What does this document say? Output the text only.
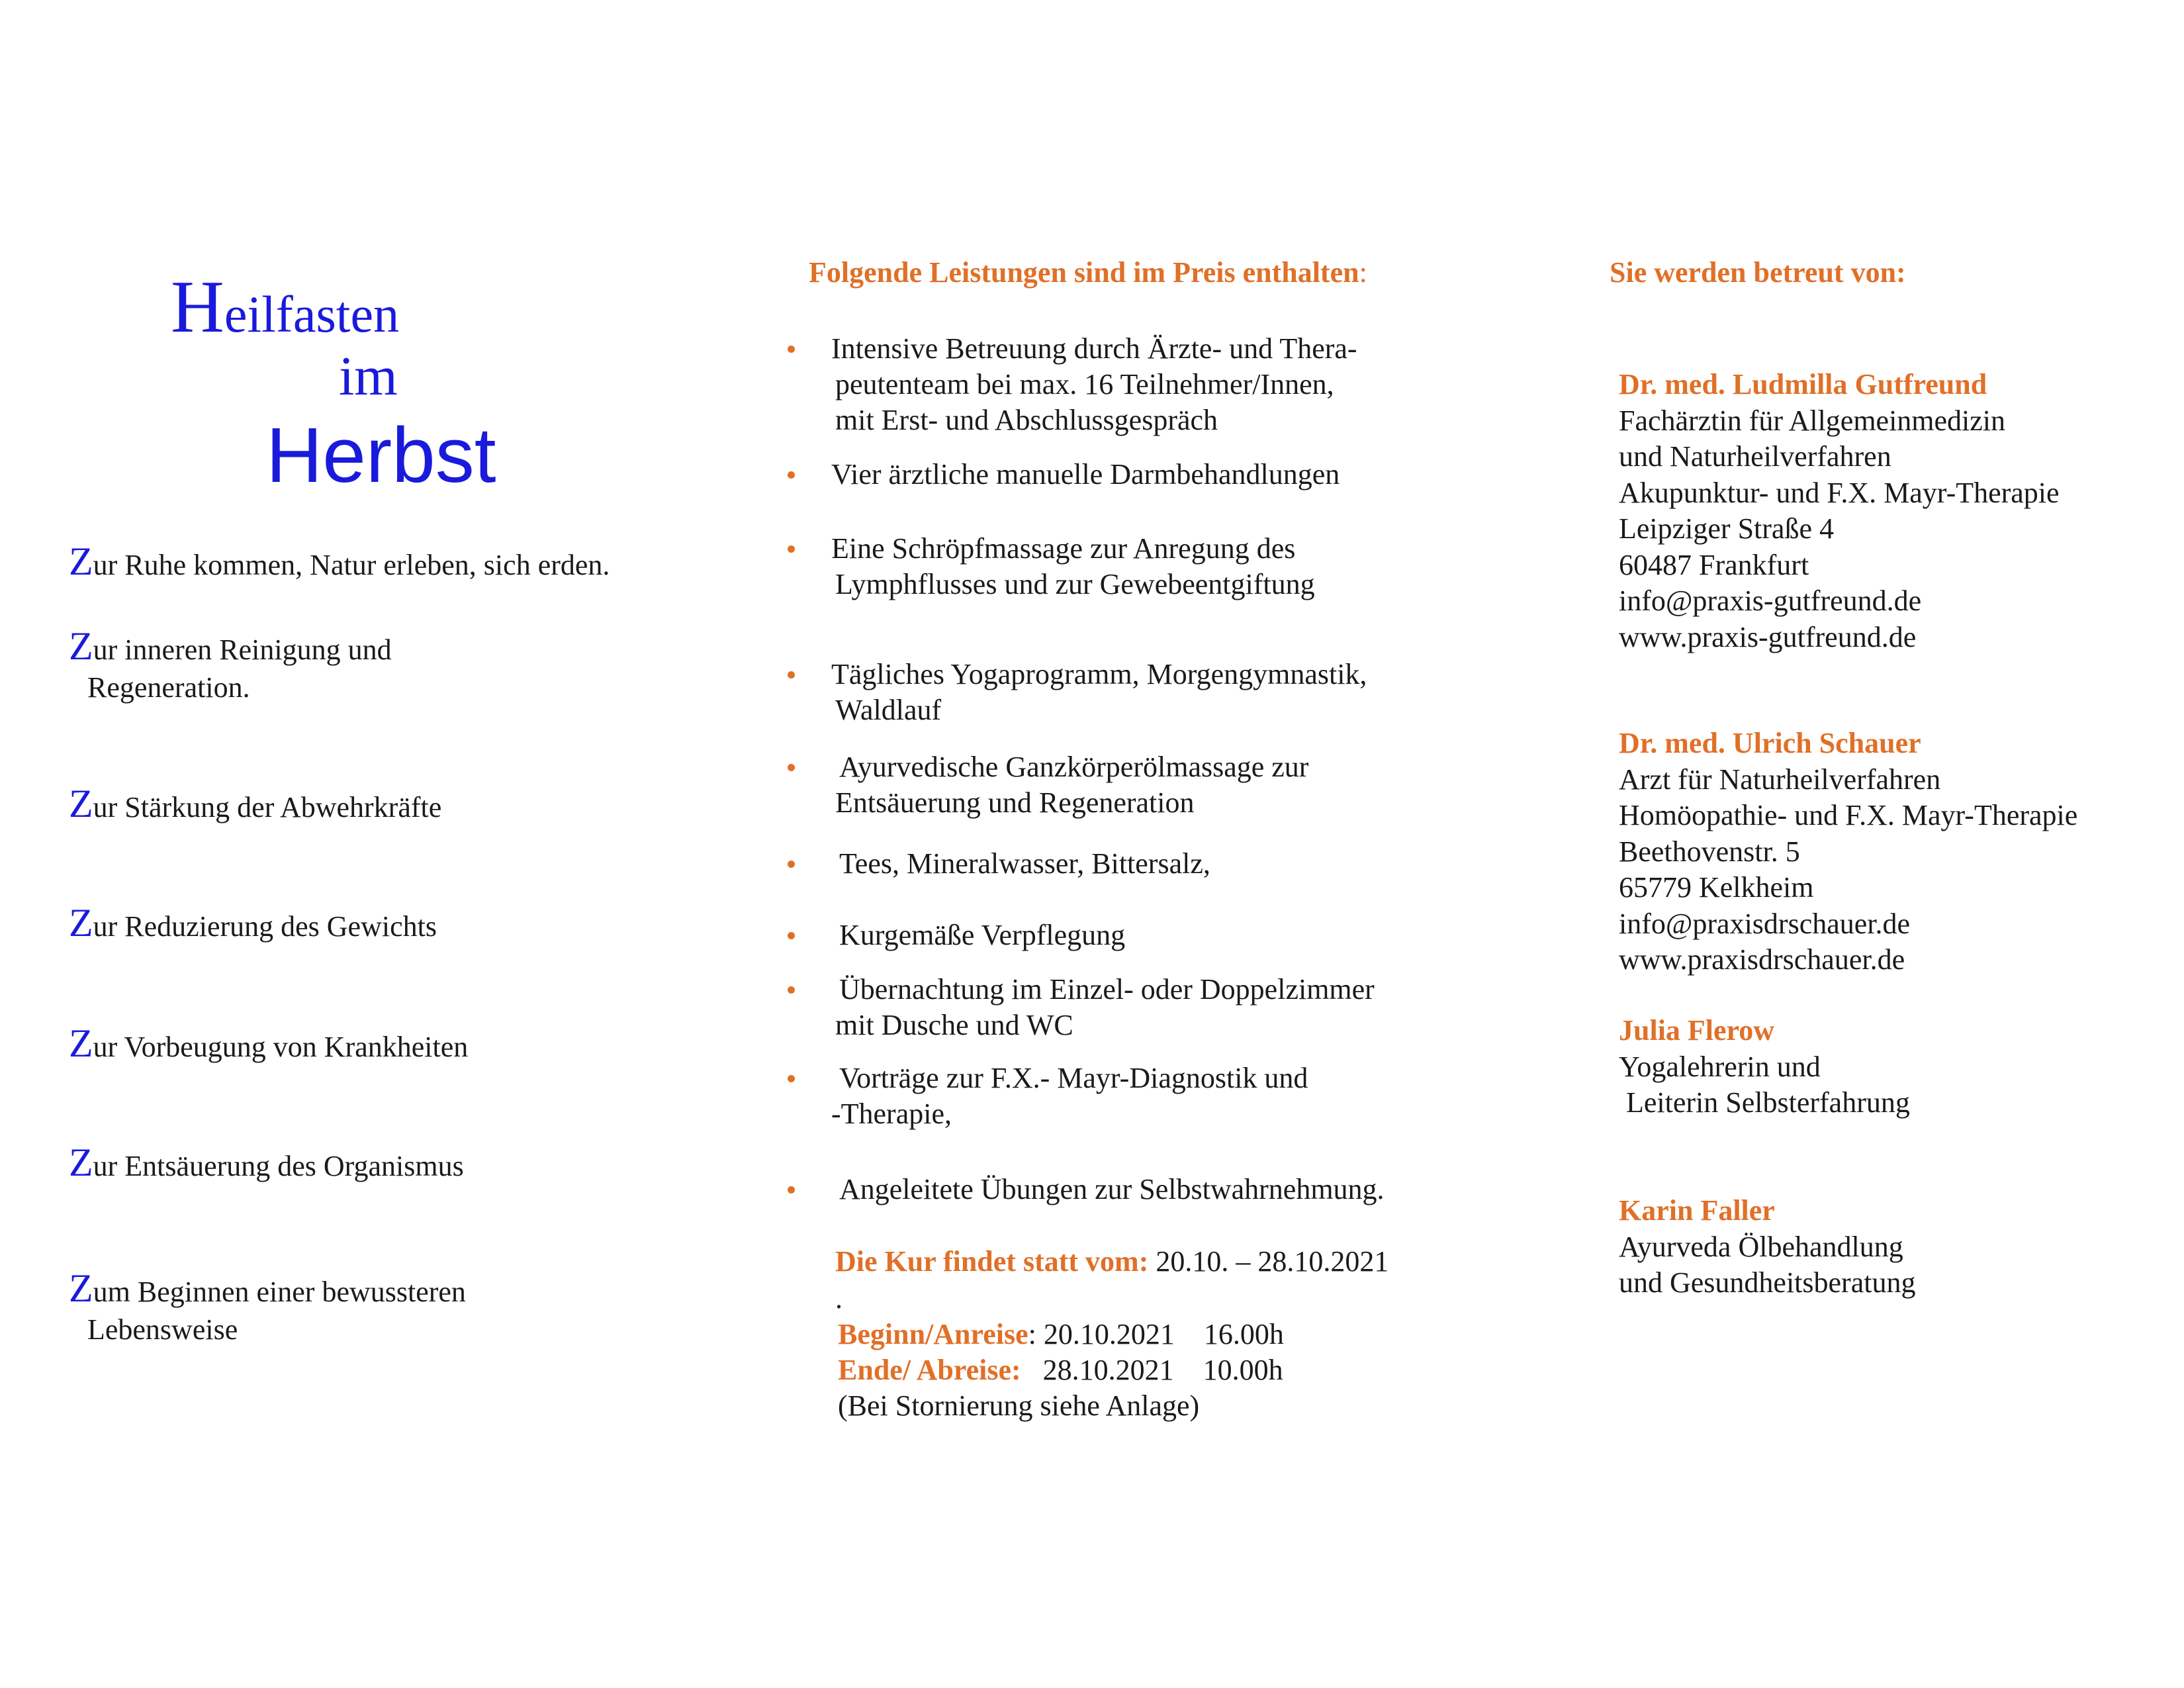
Heilfasten
im
Herbst
Zur Ruhe kommen, Natur erleben, sich erden.
Zur inneren Reinigung und
Regeneration.
Zur Stärkung der Abwehrkräfte
Zur Reduzierung des Gewichts
Zur Vorbeugung von Krankheiten
Zur Entsäuerung des Organismus
Zum Beginnen einer bewussteren
Lebensweise
Folgende Leistungen sind im Preis enthalten:
Intensive Betreuung durch Ärzte- und Thera-
peutenteam bei max. 16 Teilnehmer/Innen,
mit Erst- und Abschlussgespräch
Vier ärztliche manuelle Darmbehandlungen
Eine Schröpfmassage zur Anregung des
Lymphflusses und zur Gewebeentgiftung
Tägliches Yogaprogramm, Morgengymnastik,
Waldlauf
Ayurvedische Ganzkörperölmassage zur
Entsäuerung und Regeneration
Tees, Mineralwasser, Bittersalz,
Kurgemäße Verpflegung
Übernachtung im Einzel- oder Doppelzimmer
mit Dusche und WC
Vorträge zur F.X.- Mayr-Diagnostik und
-Therapie,
Angeleitete Übungen zur Selbstwahrnehmung.
Die Kur findet statt vom: 20.10. – 28.10.2021
.
Beginn/Anreise: 20.10.2021    16.00h
Ende/ Abreise:   28.10.2021    10.00h
(Bei Stornierung siehe Anlage)
Sie werden betreut von:
Dr. med. Ludmilla Gutfreund
Fachärztin für Allgemeinmedizin
und Naturheilverfahren
Akupunktur- und F.X. Mayr-Therapie
Leipziger Straße 4
60487 Frankfurt
info@praxis-gutfreund.de
www.praxis-gutfreund.de
Dr. med. Ulrich Schauer
Arzt für Naturheilverfahren
Homöopathie- und F.X. Mayr-Therapie
Beethovenstr. 5
65779 Kelkheim
info@praxisdrschauer.de
www.praxisdrschauer.de
Julia Flerow
Yogalehrerin und
Leiterin Selbsterfahrung
Karin Faller
Ayurveda Ölbehandlung
und Gesundheitsberatung
